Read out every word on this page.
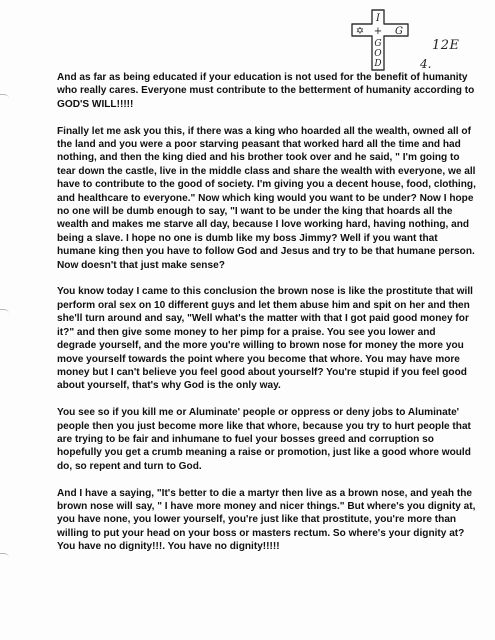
I
✡ + G
G
O
D
12E
4.

And as far as being educated if your education is not used for the benefit of humanity who really cares. Everyone must contribute to the betterment of humanity according to GOD'S WILL!!!!!

Finally let me ask you this, if there was a king who hoarded all the wealth, owned all of the land and you were a poor starving peasant that worked hard all the time and had nothing, and then the king died and his brother took over and he said, " I'm going to tear down the castle, live in the middle class and share the wealth with everyone, we all have to contribute to the good of society. I'm giving you a decent house, food, clothing, and healthcare to everyone." Now which king would you want to be under? Now I hope no one will be dumb enough to say, "I want to be under the king that hoards all the wealth and makes me starve all day, because I love working hard, having nothing, and being a slave. I hope no one is dumb like my boss Jimmy? Well if you want that humane king then you have to follow God and Jesus and try to be that humane person. Now doesn't that just make sense?

You know today I came to this conclusion the brown nose is like the prostitute that will perform oral sex on 10 different guys and let them abuse him and spit on her and then she'll turn around and say, "Well what's the matter with that I got paid good money for it?" and then give some money to her pimp for a praise. You see you lower and degrade yourself, and the more you're willing to brown nose for money the more you move yourself towards the point where you become that whore. You may have more money but I can't believe you feel good about yourself? You're stupid if you feel good about yourself, that's why God is the only way.

You see so if you kill me or Aluminate' people or oppress or deny jobs to Aluminate' people then you just become more like that whore, because you try to hurt people that are trying to be fair and inhumane to fuel your bosses greed and corruption so hopefully you get a crumb meaning a raise or promotion, just like a good whore would do, so repent and turn to God.

And I have a saying, "It's better to die a martyr then live as a brown nose, and yeah the brown nose will say, " I have more money and nicer things." But where's you dignity at, you have none, you lower yourself, you're just like that prostitute, you're more than willing to put your head on your boss or masters rectum. So where's your dignity at? You have no dignity!!!. You have no dignity!!!!!
